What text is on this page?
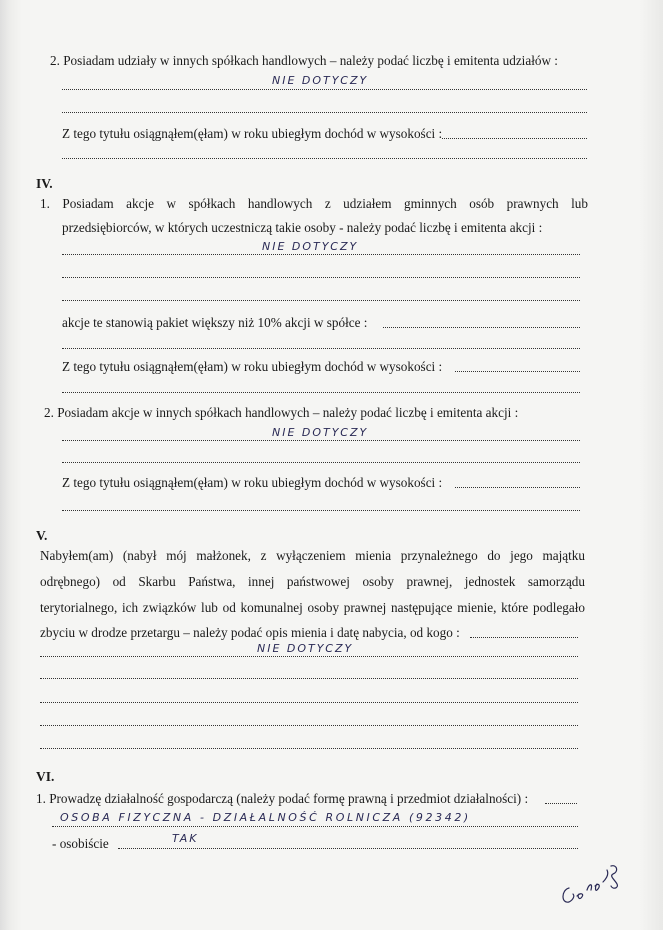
2. Posiadam udziały w innych spółkach handlowych – należy podać liczbę i emitenta udziałów :
NIE DOTYCZY
Z tego tytułu osiągnąłem(ęłam) w roku ubiegłym dochód w wysokości :
IV.
1. Posiadam akcje w spółkach handlowych z udziałem gminnych osób prawnych lub
przedsiębiorców, w których uczestniczą takie osoby - należy podać liczbę i emitenta akcji :
NIE DOTYCZY
akcje te stanowią pakiet większy niż 10% akcji w spółce :
Z tego tytułu osiągnąłem(ęłam) w roku ubiegłym dochód w wysokości :
2. Posiadam akcje w innych spółkach handlowych – należy podać liczbę i emitenta akcji :
NIE DOTYCZY
Z tego tytułu osiągnąłem(ęłam) w roku ubiegłym dochód w wysokości :
V.
Nabyłem(am) (nabył mój małżonek, z wyłączeniem mienia przynależnego do jego majątku
odrębnego) od Skarbu Państwa, innej państwowej osoby prawnej, jednostek samorządu
terytorialnego, ich związków lub od komunalnej osoby prawnej następujące mienie, które podlegało
zbyciu w drodze przetargu – należy podać opis mienia i datę nabycia, od kogo :
NIE DOTYCZY
VI.
1. Prowadzę działalność gospodarczą (należy podać formę prawną i przedmiot działalności) :
OSOBA FIZYCZNA - DZIAŁALNOŚĆ ROLNICZA (92342)
- osobiście	TAK
